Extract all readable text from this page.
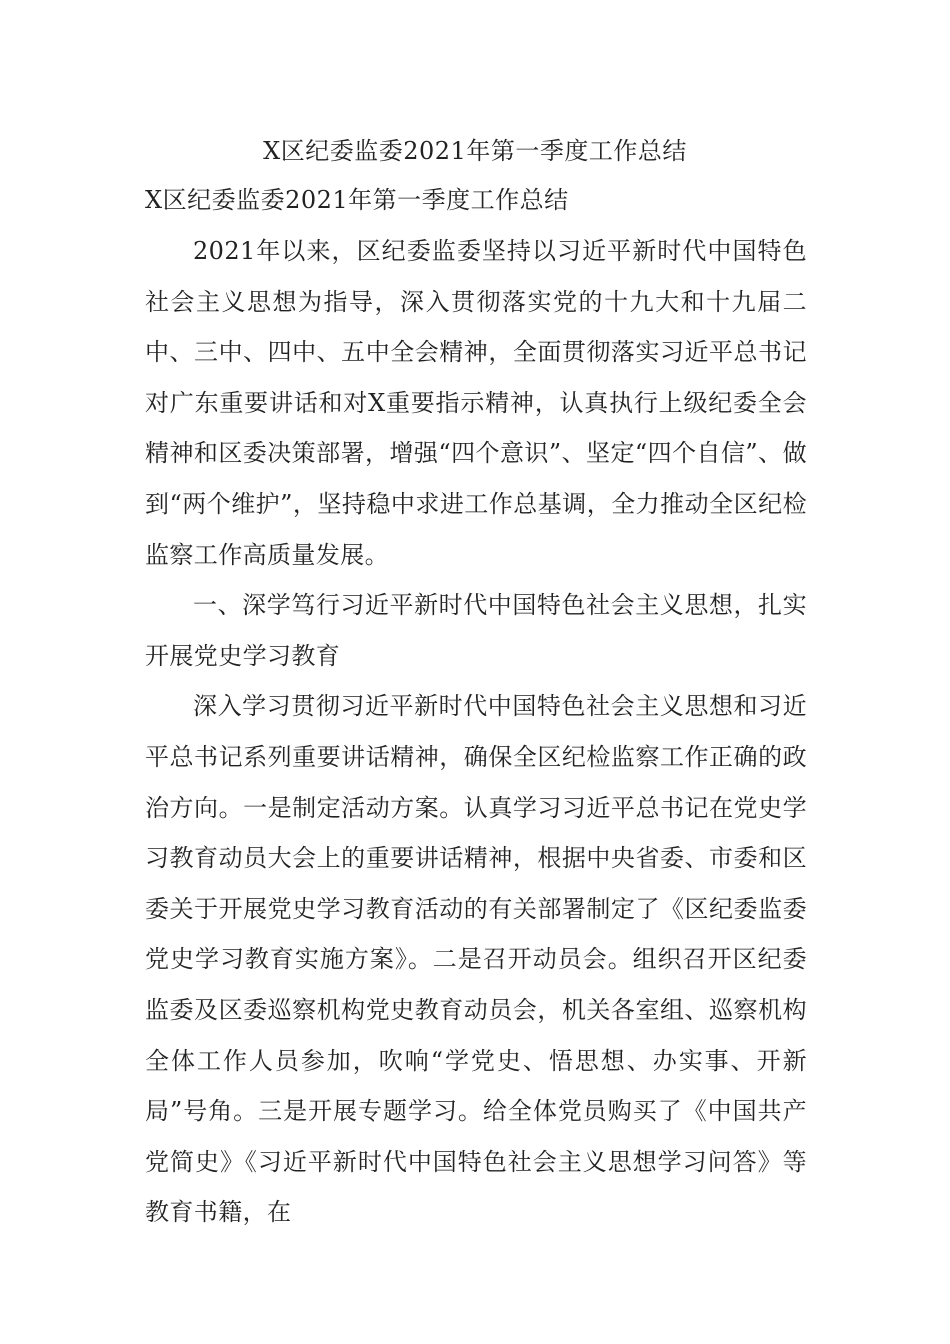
X区纪委监委2021年第一季度工作总结

X区纪委监委2021年第一季度工作总结

2021年以来，区纪委监委坚持以习近平新时代中国特色社会主义思想为指导，深入贯彻落实党的十九大和十九届二中、三中、四中、五中全会精神，全面贯彻落实习近平总书记对广东重要讲话和对X重要指示精神，认真执行上级纪委全会精神和区委决策部署，增强“四个意识”、坚定“四个自信”、做到“两个维护”，坚持稳中求进工作总基调，全力推动全区纪检监察工作高质量发展。

一、深学笃行习近平新时代中国特色社会主义思想，扎实开展党史学习教育

深入学习贯彻习近平新时代中国特色社会主义思想和习近平总书记系列重要讲话精神，确保全区纪检监察工作正确的政治方向。一是制定活动方案。认真学习习近平总书记在党史学习教育动员大会上的重要讲话精神，根据中央省委、市委和区委关于开展党史学习教育活动的有关部署制定了《区纪委监委党史学习教育实施方案》。二是召开动员会。组织召开区纪委监委及区委巡察机构党史教育动员会，机关各室组、巡察机构全体工作人员参加，吹响“学党史、悟思想、办实事、开新局”号角。三是开展专题学习。给全体党员购买了《中国共产党简史》《习近平新时代中国特色社会主义思想学习问答》等教育书籍，在
